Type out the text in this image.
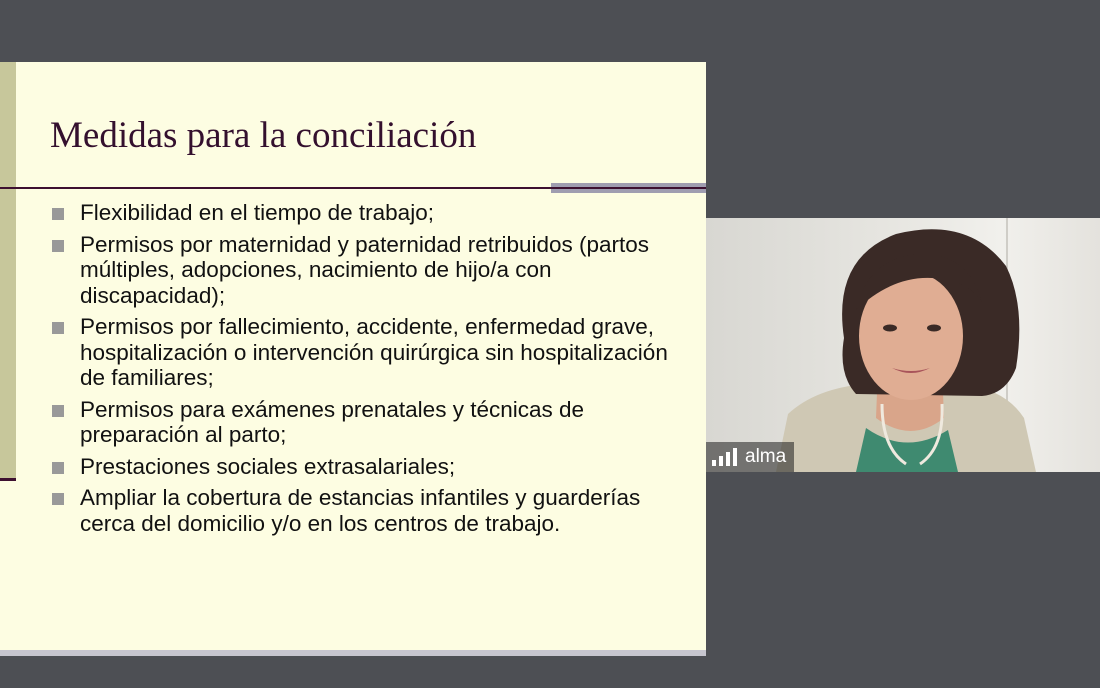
Medidas para la conciliación
Flexibilidad en el tiempo de trabajo;
Permisos por maternidad y paternidad retribuidos (partos múltiples, adopciones, nacimiento de hijo/a con discapacidad);
Permisos por fallecimiento, accidente, enfermedad grave, hospitalización o intervención quirúrgica sin hospitalización de familiares;
Permisos para exámenes prenatales y técnicas de preparación al parto;
Prestaciones sociales extrasalariales;
Ampliar la cobertura de estancias infantiles y guarderías cerca del domicilio y/o en los centros de trabajo.
alma
